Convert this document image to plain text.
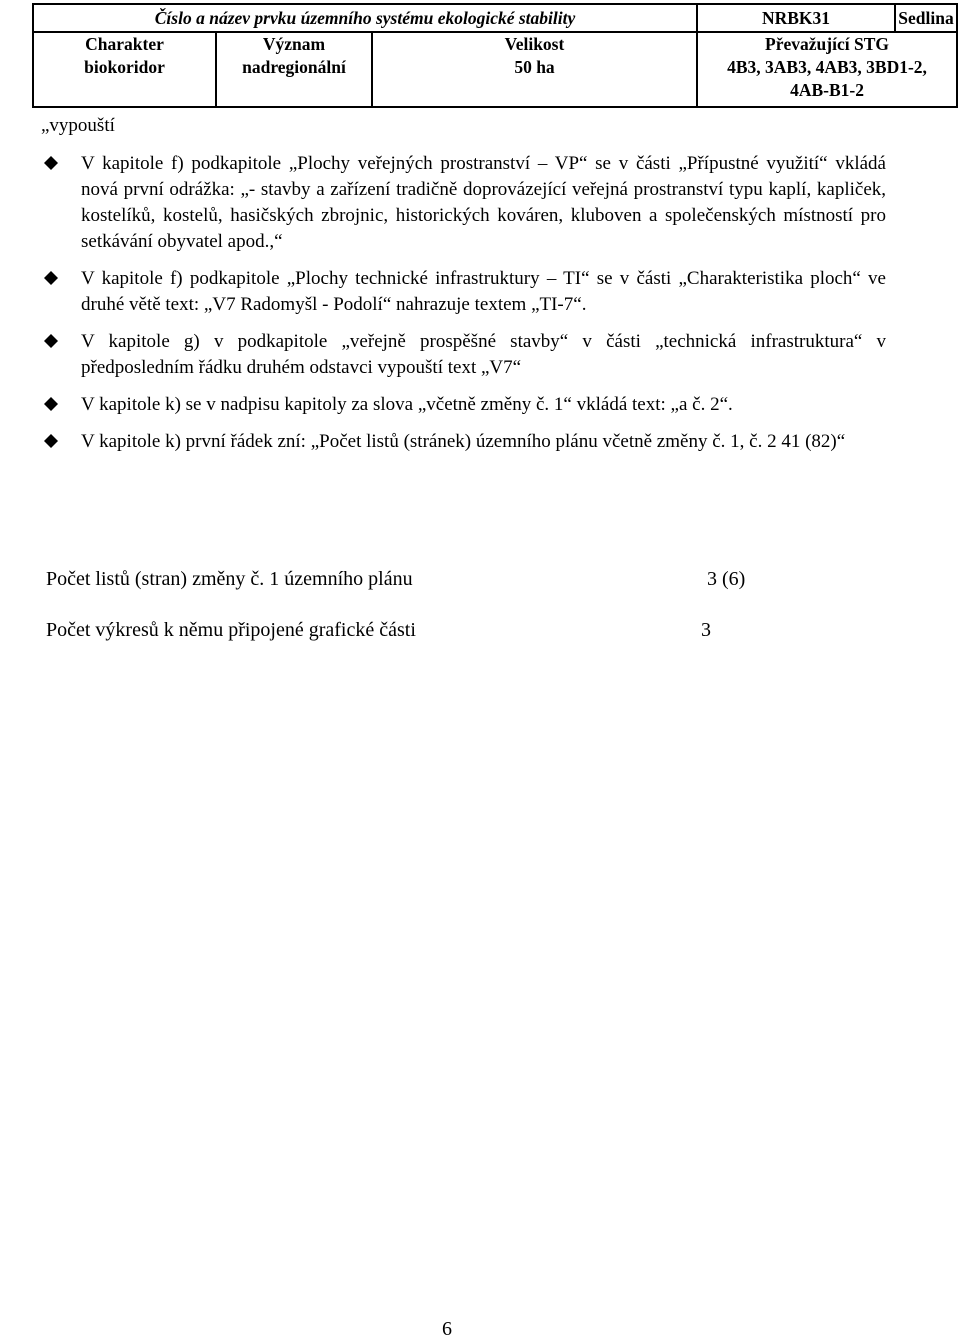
Číslo a název prvku územního systému ekologické stability			NRBK31 Sedlina

Charakter	Význam	Velikost	Převažující STG
biokoridor	nadregionální	50 ha	4B3, 3AB3, 4AB3, 3BD1-2, 4AB-B1-2
„vypouští
V kapitole f) podkapitole „Plochy veřejných prostranství – VP“ se v části „Přípustné využití“ vkládá nová první odrážka: „- stavby a zařízení tradičně doprovázející veřejná prostranství typu kaplí, kapliček, kostelíků, kostelů, hasičských zbrojnic, historických kováren, kluboven a společenských místností pro setkávání obyvatel apod.,“
V kapitole f) podkapitole „Plochy technické infrastruktury – TI“ se v části „Charakteristika ploch“ ve druhé větě text: „V7 Radomyšl - Podolí“ nahrazuje textem „TI-7“.
V kapitole g) v podkapitole „veřejně prospěšné stavby“ v části „technická infrastruktura“ v předposledním řádku druhém odstavci vypouští text „V7“
V kapitole k) se v nadpisu kapitoly za slova „včetně změny č. 1“ vkládá text: „a č. 2“.
V kapitole k) první řádek zní: „Počet listů (stránek) územního plánu včetně změny č. 1, č. 2 41 (82)“
Počet listů (stran) změny č. 1 územního plánu	3 (6)
Počet výkresů k němu připojené grafické části	3
6
